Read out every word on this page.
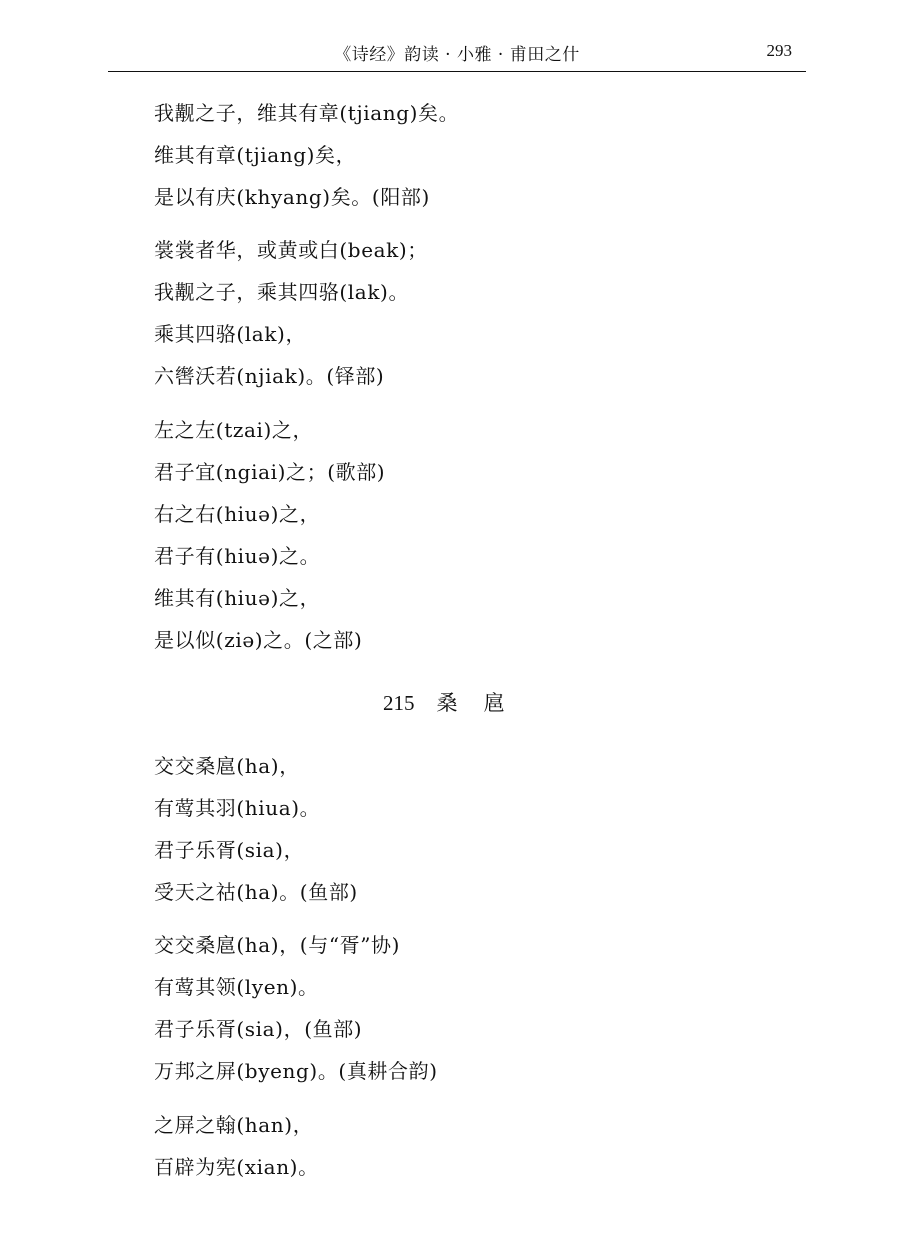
《诗经》韵读 · 小雅 · 甫田之什	293
我觏之子，维其有章(tjiang)矣。
维其有章(tjiang)矣，
是以有庆(khyang)矣。(阳部)
裳裳者华，或黄或白(beak)；
我觏之子，乘其四骆(lak)。
乘其四骆(lak)，
六辔沃若(njiak)。(铎部)
左之左(tzai)之，
君子宜(ngiai)之；(歌部)
右之右(hiuə)之，
君子有(hiuə)之。
维其有(hiuə)之，
是以似(ziə)之。(之部)
215 桑 扈
交交桑扈(ha)，
有莺其羽(hiua)。
君子乐胥(sia)，
受天之祜(ha)。(鱼部)
交交桑扈(ha)，(与“胥”协)
有莺其领(lyen)。
君子乐胥(sia)，(鱼部)
万邦之屏(byeng)。(真耕合韵)
之屏之翰(han)，
百辟为宪(xian)。
